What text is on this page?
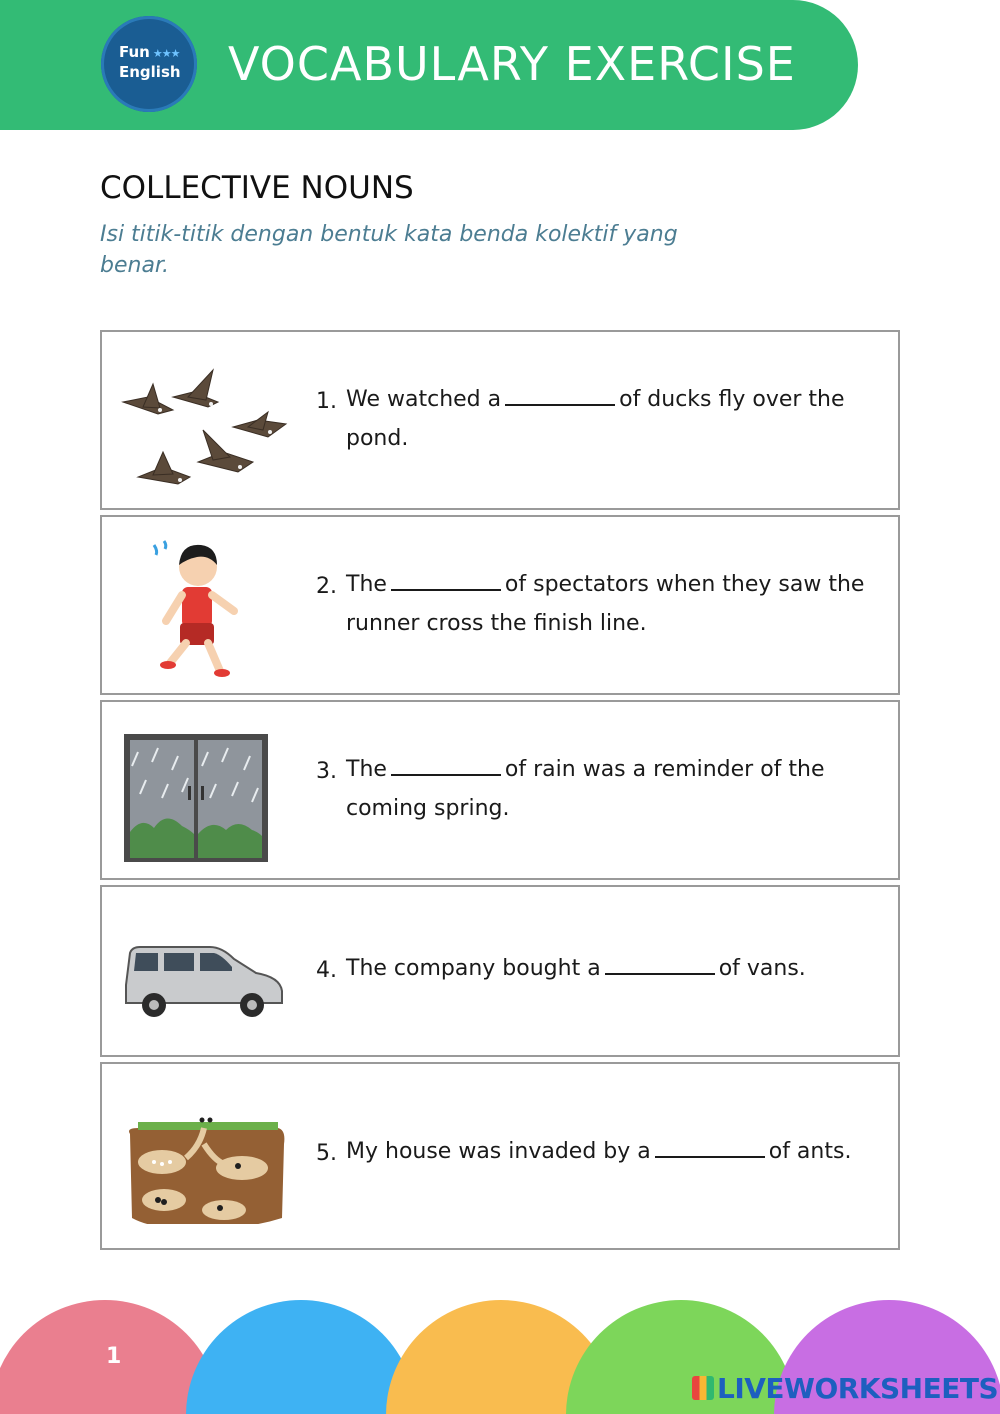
Fun ★★★
English	VOCABULARY EXERCISE
COLLECTIVE NOUNS
Isi titik-titik dengan bentuk kata benda kolektif yang benar.
1. We watched a	of ducks fly over the pond.
2. The	of spectators when they saw the runner cross the finish line.
3. The	of rain was a reminder of the coming spring.
4. The company bought a	of vans.
5. My house was invaded by a	of ants.
1
LIVEWORKSHEETS
